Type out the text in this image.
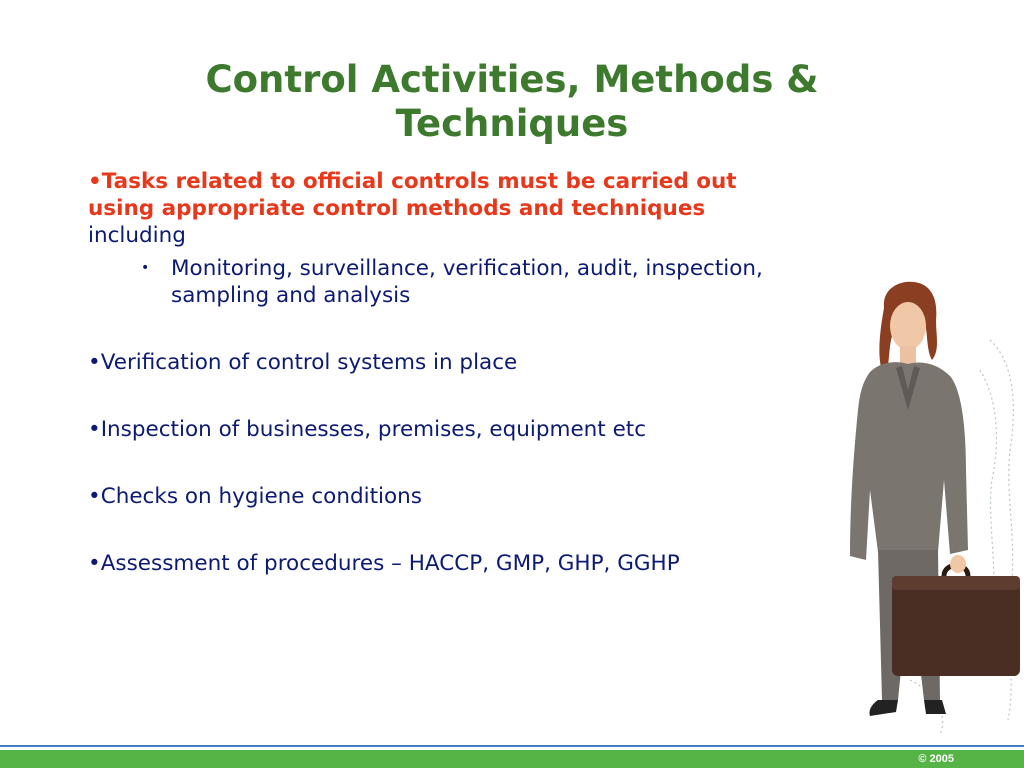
Control Activities, Methods &
Techniques

•Tasks related to official controls must be carried out using appropriate control methods and techniques including

• Monitoring, surveillance, verification, audit, inspection, sampling and analysis

•Verification of control systems in place

•Inspection of businesses, premises, equipment etc

•Checks on hygiene conditions

•Assessment of procedures – HACCP, GMP, GHP, GGHP

© 2005
